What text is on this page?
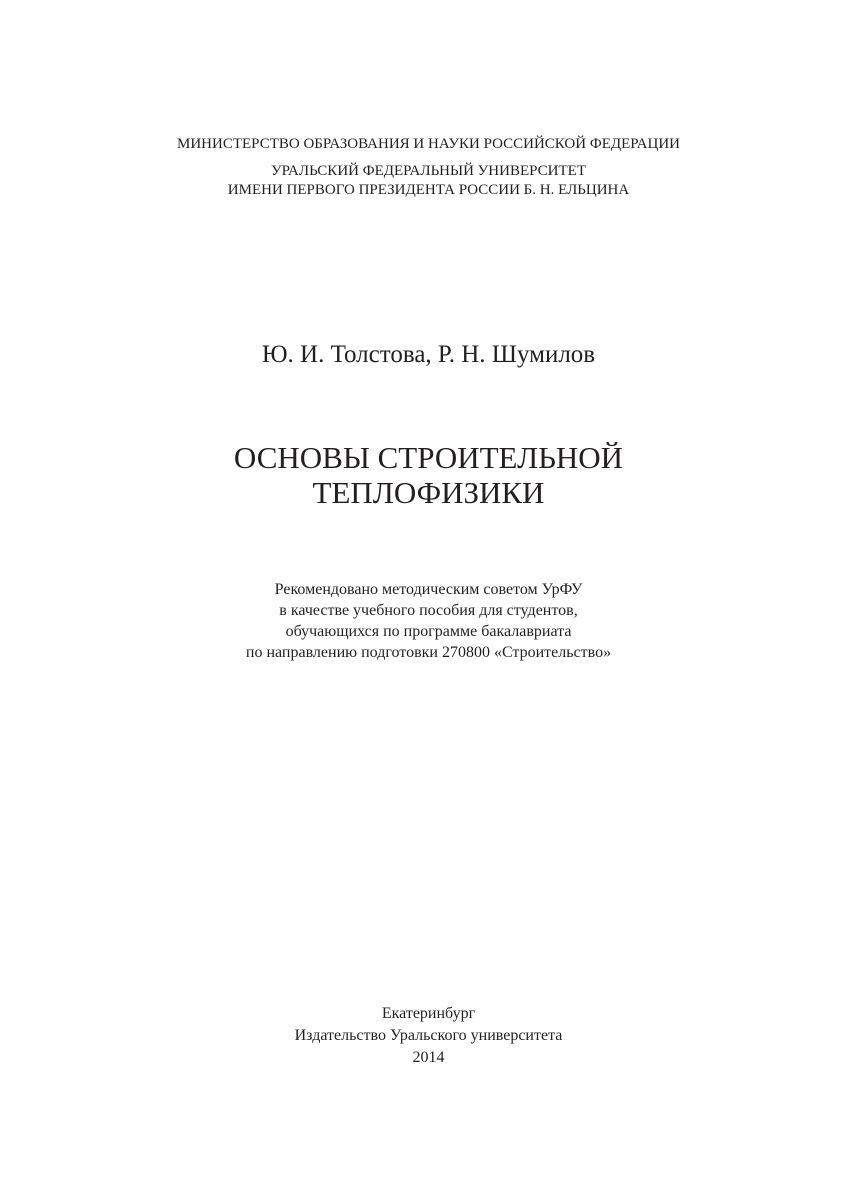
МИНИСТЕРСТВО ОБРАЗОВАНИЯ И НАУКИ РОССИЙСКОЙ ФЕДЕРАЦИИ
УРАЛЬСКИЙ ФЕДЕРАЛЬНЫЙ УНИВЕРСИТЕТ
ИМЕНИ ПЕРВОГО ПРЕЗИДЕНТА РОССИИ Б. Н. ЕЛЬЦИНА
Ю. И. Толстова, Р. Н. Шумилов
ОСНОВЫ СТРОИТЕЛЬНОЙ
ТЕПЛОФИЗИКИ
Рекомендовано методическим советом УрФУ
в качестве учебного пособия для студентов,
обучающихся по программе бакалавриата
по направлению подготовки 270800 «Строительство»
Екатеринбург
Издательство Уральского университета
2014
